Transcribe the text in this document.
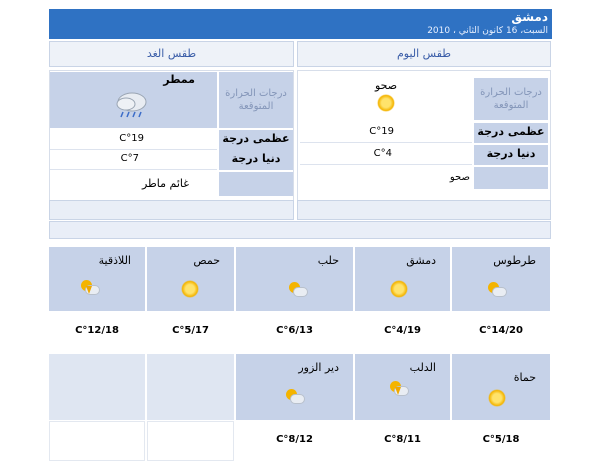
دمشق
السبت، 16 كانون الثاني ، 2010
طقس اليوم
طقس الغد
درجات الحرارة المتوقعة
صحو
عظمى درجة
C°19
دنيا درجة
C°4
صحو
درجات الحرارة المتوقعة
ممطر
عظمى درجة
C°19
دنيا درجة
C°7
غائم ماطر
طرطوس
دمشق
حلب
حمص
اللاذقية
C°14/20
C°4/19
C°6/13
C°5/17
C°12/18
حماة
الدلب
دير الزور
C°5/18
C°8/11
C°8/12
